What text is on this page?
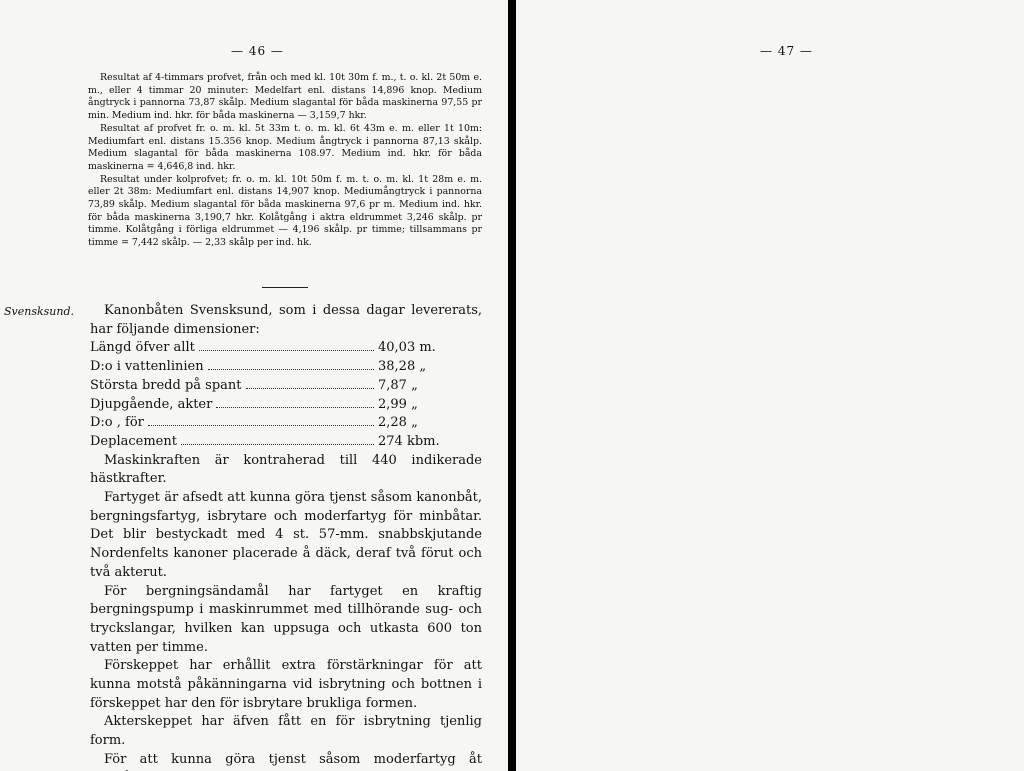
— 46 —

Resultat af 4-timmars profvet, från och med kl. 10t 30m f. m., t. o. kl. 2t 50m e. m., eller 4 timmar 20 minuter: Medelfart enl. distans 14,896 knop. Medium ångtryck i pannorna 73,87 skålp. Medium slagantal för båda maskinerna 97,55 pr min. Medium ind. hkr. för båda maskinerna — 3,159,7 hkr.

Resultat af profvet fr. o. m. kl. 5t 33m t. o. m. kl. 6t 43m e. m. eller 1t 10m: Mediumfart enl. distans 15.356 knop. Medium ångtryck i pannorna 87,13 skålp. Medium slagantal för båda maskinerna 108.97. Medium ind. hkr. för båda maskinerna = 4,646,8 ind. hkr.

Resultat under kolprofvet; fr. o. m. kl. 10t 50m f. m. t. o. m. kl. 1t 28m e. m. eller 2t 38m: Mediumfart enl. distans 14,907 knop. Mediumångtryck i pannorna 73,89 skålp. Medium slagantal för båda maskinerna 97,6 pr m. Medium ind. hkr. för båda maskinerna 3,190,7 hkr. Kolåtgång i aktra eldrummet 3,246 skålp. pr timme. Kolåtgång i förliga eldrummet — 4,196 skålp. pr timme; tillsammans pr timme = 7,442 skålp. — 2,33 skålp per ind. hk.

Svensksund.	Kanonbåten Svensksund, som i dessa dagar levererats, har följande dimensioner:

Längd öfver allt	40,03 m.
D:o i vattenlinien	38,28 „
Största bredd på spant	7,87 „
Djupgående, akter	2,99 „
D:o , för	2,28 „
Deplacement	274 kbm.

Maskinkraften är kontraherad till 440 indikerade hästkrafter.

Fartyget är afsedt att kunna göra tjenst såsom kanonbåt, bergningsfartyg, isbrytare och moderfartyg för minbåtar. Det blir bestyckadt med 4 st. 57-mm. snabbskjutande Nordenfelts kanoner placerade å däck, deraf två förut och två akterut.

För bergningsändamål har fartyget en kraftig bergningspump i maskinrummet med tillhörande sug- och tryckslangar, hvilken kan uppsuga och utkasta 600 ton vatten per timme.

Förskeppet har erhållit extra förstärkningar för att kunna motstå påkänningarna vid isbrytning och bottnen i förskeppet har den för isbrytare brukliga formen.

Akterskeppet har äfven fått en för isbrytning tjenlig form.

För att kunna göra tjenst såsom moderfartyg åt

— 47 —
